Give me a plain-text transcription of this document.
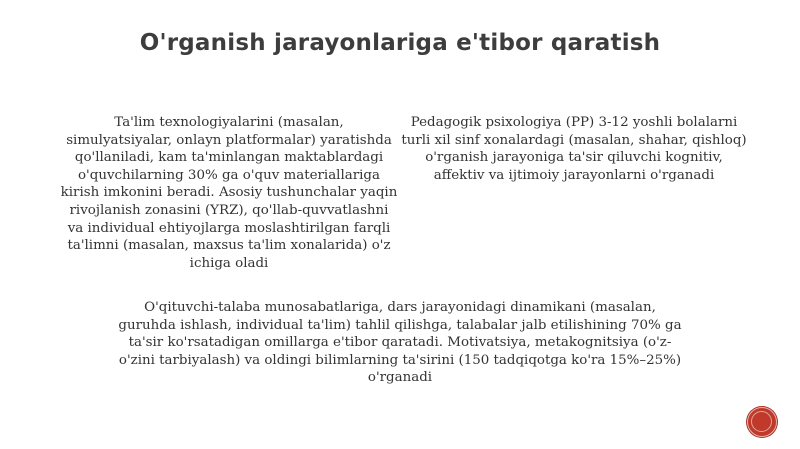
O'rganish jarayonlariga e'tibor qaratish
Ta'lim texnologiyalarini (masalan, simulyatsiyalar, onlayn platformalar) yaratishda qo'llaniladi, kam ta'minlangan maktablardagi o'quvchilarning 30% ga o'quv materiallariga kirish imkonini beradi. Asosiy tushunchalar yaqin rivojlanish zonasini (YRZ), qo'llab-quvvatlashni va individual ehtiyojlarga moslashtirilgan farqli ta'limni (masalan, maxsus ta'lim xonalarida) o'z ichiga oladi
Pedagogik psixologiya (PP) 3-12 yoshli bolalarni turli xil sinf xonalardagi (masalan, shahar, qishloq) o'rganish jarayoniga ta'sir qiluvchi kognitiv, affektiv va ijtimoiy jarayonlarni o'rganadi
O'qituvchi-talaba munosabatlariga, dars jarayonidagi dinamikani (masalan, guruhda ishlash, individual ta'lim) tahlil qilishga, talabalar jalb etilishining 70% ga ta'sir ko'rsatadigan omillarga e'tibor qaratadi. Motivatsiya, metakognitsiya (o'z-o'zini tarbiyalash) va oldingi bilimlarning ta'sirini (150 tadqiqotga ko'ra 15%–25%) o'rganadi
